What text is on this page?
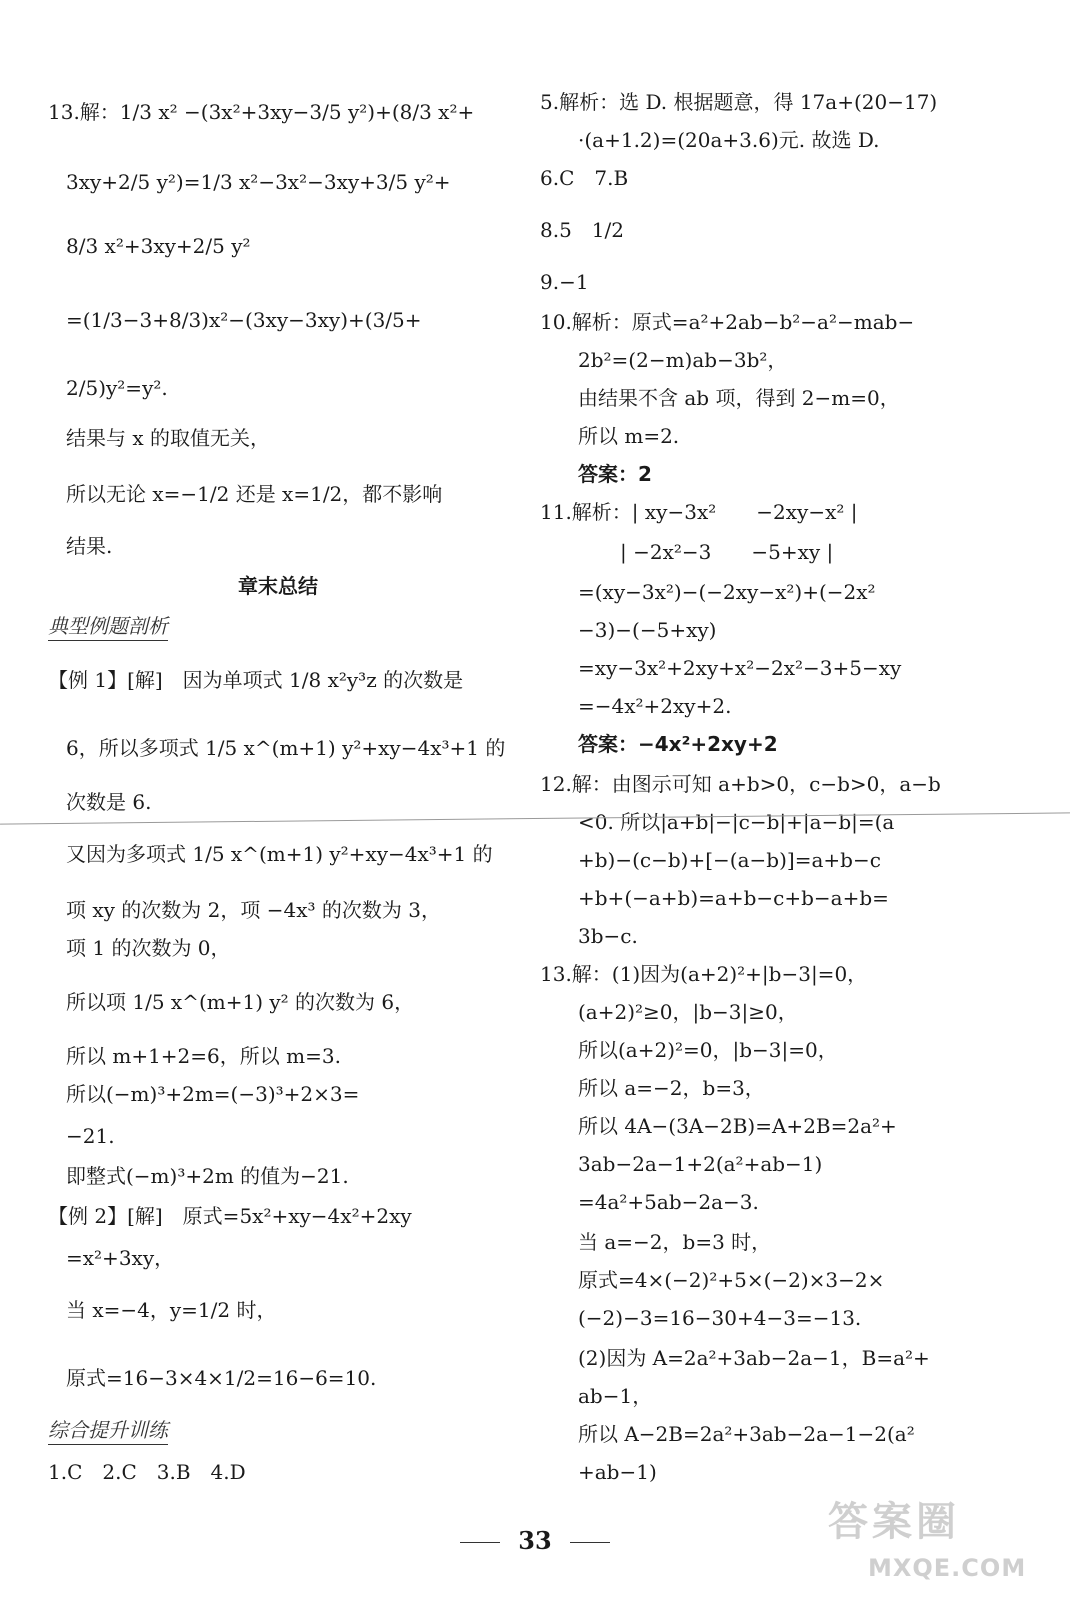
13.解：1/3 x² −(3x²+3xy−3/5 y²)+(8/3 x²+
3xy+2/5 y²)=1/3 x²−3x²−3xy+3/5 y²+
8/3 x²+3xy+2/5 y²
=(1/3−3+8/3)x²−(3xy−3xy)+(3/5+
2/5)y²=y².
结果与 x 的取值无关，
所以无论 x=−1/2 还是 x=1/2，都不影响
结果.
章末总结
典型例题剖析
【例 1】[解]　因为单项式 1/8 x²y³z 的次数是
6，所以多项式 1/5 x^(m+1) y²+xy−4x³+1 的
次数是 6.
又因为多项式 1/5 x^(m+1) y²+xy−4x³+1 的
项 xy 的次数为 2，项 −4x³ 的次数为 3，
项 1 的次数为 0，
所以项 1/5 x^(m+1) y² 的次数为 6，
所以 m+1+2=6，所以 m=3.
所以(−m)³+2m=(−3)³+2×3=
−21.
即整式(−m)³+2m 的值为−21.
【例 2】[解]　原式=5x²+xy−4x²+2xy
=x²+3xy，
当 x=−4，y=1/2 时，
原式=16−3×4×1/2=16−6=10.
综合提升训练
1.C　2.C　3.B　4.D
5.解析：选 D. 根据题意，得 17a+(20−17)
·(a+1.2)=(20a+3.6)元. 故选 D.
6.C　7.B
8.5　1/2
9.−1
10.解析：原式=a²+2ab−b²−a²−mab−
2b²=(2−m)ab−3b²，
由结果不含 ab 项，得到 2−m=0，
所以 m=2.
答案：2
11.解析：| xy−3x²　　−2xy−x² |
　　　　| −2x²−3　　−5+xy |
=(xy−3x²)−(−2xy−x²)+(−2x²
−3)−(−5+xy)
=xy−3x²+2xy+x²−2x²−3+5−xy
=−4x²+2xy+2.
答案：−4x²+2xy+2
12.解：由图示可知 a+b>0，c−b>0，a−b
<0. 所以|a+b|−|c−b|+|a−b|=(a
+b)−(c−b)+[−(a−b)]=a+b−c
+b+(−a+b)=a+b−c+b−a+b=
3b−c.
13.解：(1)因为(a+2)²+|b−3|=0，
(a+2)²≥0，|b−3|≥0，
所以(a+2)²=0，|b−3|=0，
所以 a=−2，b=3，
所以 4A−(3A−2B)=A+2B=2a²+
3ab−2a−1+2(a²+ab−1)
=4a²+5ab−2a−3.
当 a=−2，b=3 时，
原式=4×(−2)²+5×(−2)×3−2×
(−2)−3=16−30+4−3=−13.
(2)因为 A=2a²+3ab−2a−1，B=a²+
ab−1，
所以 A−2B=2a²+3ab−2a−1−2(a²
+ab−1)
33	答案圈
MXQE.COM
